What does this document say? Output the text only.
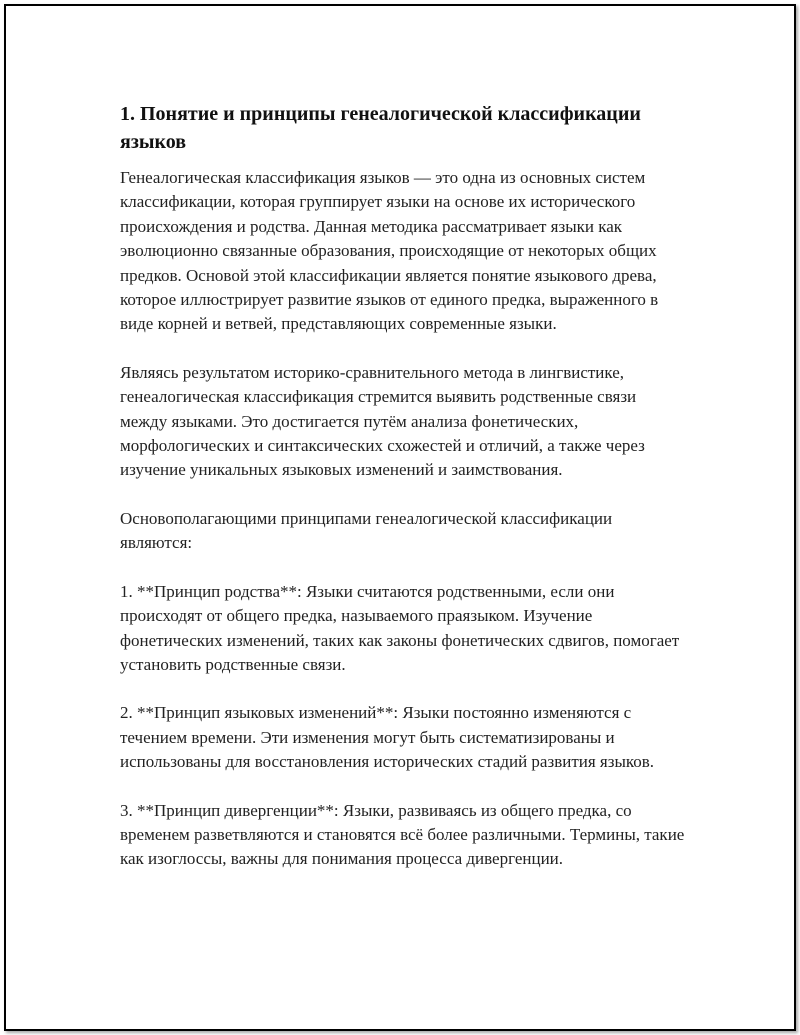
1. Понятие и принципы генеалогической классификации языков

Генеалогическая классификация языков — это одна из основных систем классификации, которая группирует языки на основе их исторического происхождения и родства. Данная методика рассматривает языки как эволюционно связанные образования, происходящие от некоторых общих предков. Основой этой классификации является понятие языкового древа, которое иллюстрирует развитие языков от единого предка, выраженного в виде корней и ветвей, представляющих современные языки.

Являясь результатом историко-сравнительного метода в лингвистике, генеалогическая классификация стремится выявить родственные связи между языками. Это достигается путём анализа фонетических, морфологических и синтаксических схожестей и отличий, а также через изучение уникальных языковых изменений и заимствования.

Основополагающими принципами генеалогической классификации являются:

1. **Принцип родства**: Языки считаются родственными, если они происходят от общего предка, называемого праязыком. Изучение фонетических изменений, таких как законы фонетических сдвигов, помогает установить родственные связи.

2. **Принцип языковых изменений**: Языки постоянно изменяются с течением времени. Эти изменения могут быть систематизированы и использованы для восстановления исторических стадий развития языков.

3. **Принцип дивергенции**: Языки, развиваясь из общего предка, со временем разветвляются и становятся всё более различными. Термины, такие как изоглоссы, важны для понимания процесса дивергенции.
